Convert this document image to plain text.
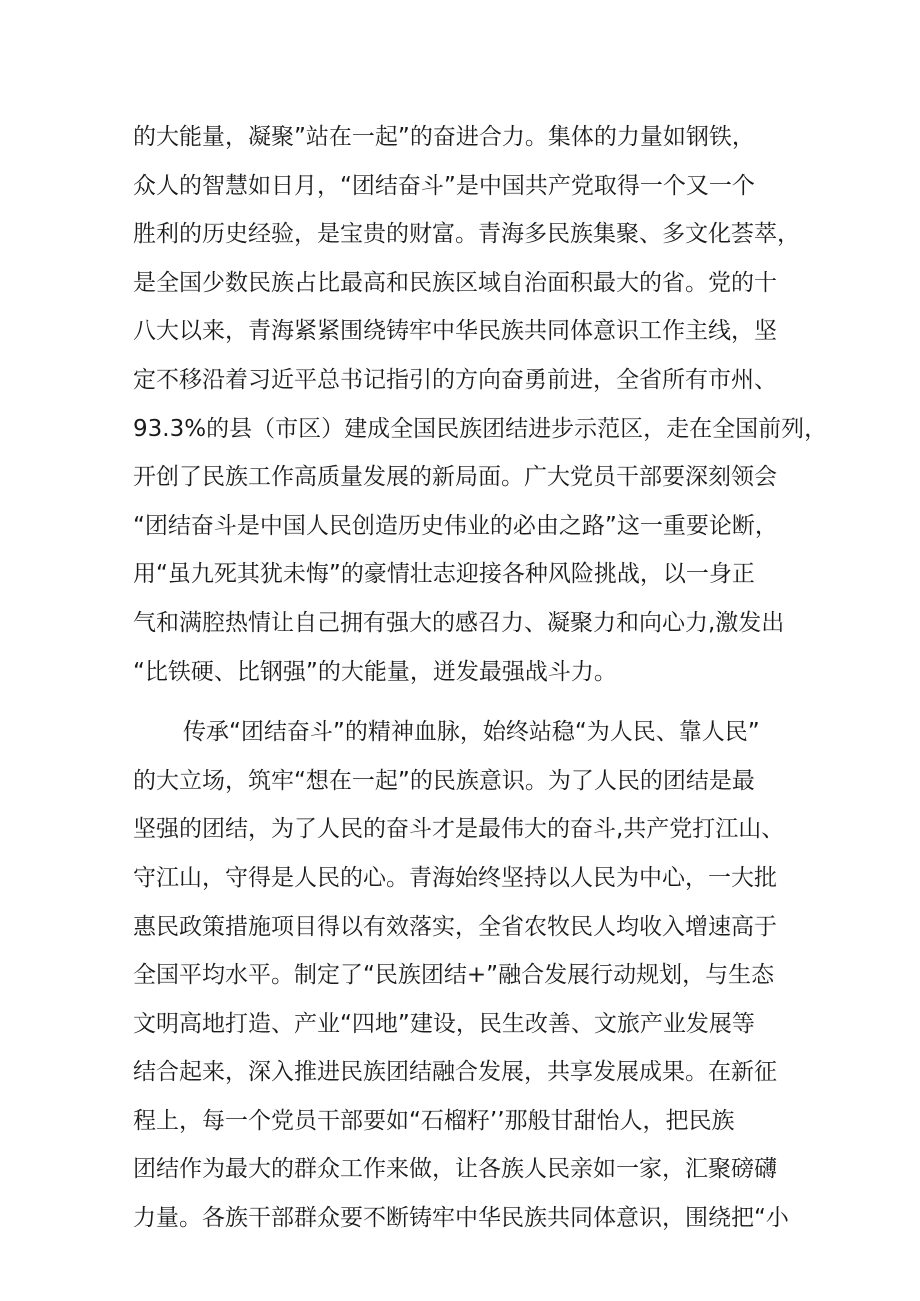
的大能量，凝聚”站在一起”的奋进合力。集体的力量如钢铁，
众人的智慧如日月，“团结奋斗”是中国共产党取得一个又一个
胜利的历史经验，是宝贵的财富。青海多民族集聚、多文化荟萃，
是全国少数民族占比最高和民族区域自治面积最大的省。党的十
八大以来，青海紧紧围绕铸牢中华民族共同体意识工作主线，坚
定不移沿着习近平总书记指引的方向奋勇前进，全省所有市州、
93.3%的县（市区）建成全国民族团结进步示范区，走在全国前列，
开创了民族工作高质量发展的新局面。广大党员干部要深刻领会
“团结奋斗是中国人民创造历史伟业的必由之路”这一重要论断，
用“虽九死其犹未悔”的豪情壮志迎接各种风险挑战，以一身正
气和满腔热情让自己拥有强大的感召力、凝聚力和向心力,激发出
“比铁硬、比钢强”的大能量，迸发最强战斗力。
传承“团结奋斗”的精神血脉，始终站稳“为人民、靠人民”
的大立场，筑牢“想在一起”的民族意识。为了人民的团结是最
坚强的团结，为了人民的奋斗才是最伟大的奋斗,共产党打江山、
守江山，守得是人民的心。青海始终坚持以人民为中心，一大批
惠民政策措施项目得以有效落实，全省农牧民人均收入增速高于
全国平均水平。制定了“民族团结+”融合发展行动规划，与生态
文明高地打造、产业“四地”建设，民生改善、文旅产业发展等
结合起来，深入推进民族团结融合发展，共享发展成果。在新征
程上，每一个党员干部要如“石榴籽’’那般甘甜怡人，把民族
团结作为最大的群众工作来做，让各族人民亲如一家，汇聚磅礴
力量。各族干部群众要不断铸牢中华民族共同体意识，围绕把“小
